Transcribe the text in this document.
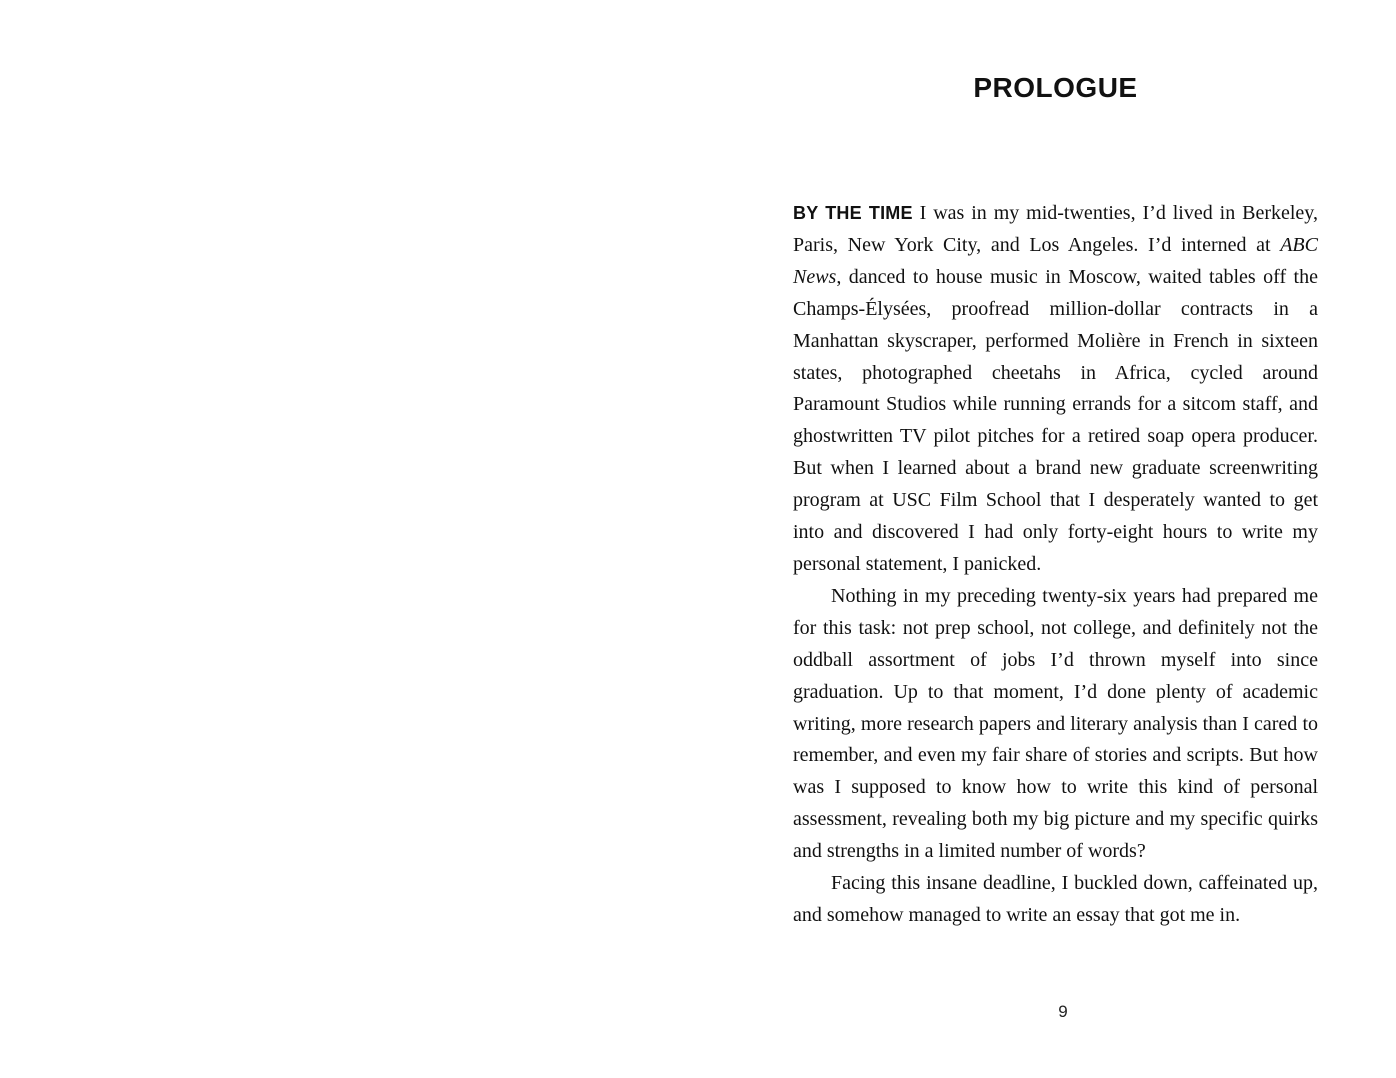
PROLOGUE

BY THE TIME I was in my mid-twenties, I’d lived in Berkeley, Paris, New York City, and Los Angeles. I’d interned at ABC News, danced to house music in Moscow, waited tables off the Champs-Élysées, proofread million-dollar contracts in a Manhattan skyscraper, performed Molière in French in sixteen states, photographed cheetahs in Africa, cycled around Paramount Studios while running errands for a sitcom staff, and ghostwritten TV pilot pitches for a retired soap opera producer. But when I learned about a brand new graduate screenwriting program at USC Film School that I desperately wanted to get into and discovered I had only forty-eight hours to write my personal statement, I panicked.

Nothing in my preceding twenty-six years had prepared me for this task: not prep school, not college, and definitely not the oddball assortment of jobs I’d thrown myself into since graduation. Up to that moment, I’d done plenty of academic writing, more research papers and literary analysis than I cared to remember, and even my fair share of stories and scripts. But how was I supposed to know how to write this kind of personal assessment, revealing both my big picture and my specific quirks and strengths in a limited number of words?

Facing this insane deadline, I buckled down, caffeinated up, and somehow managed to write an essay that got me in.

9
